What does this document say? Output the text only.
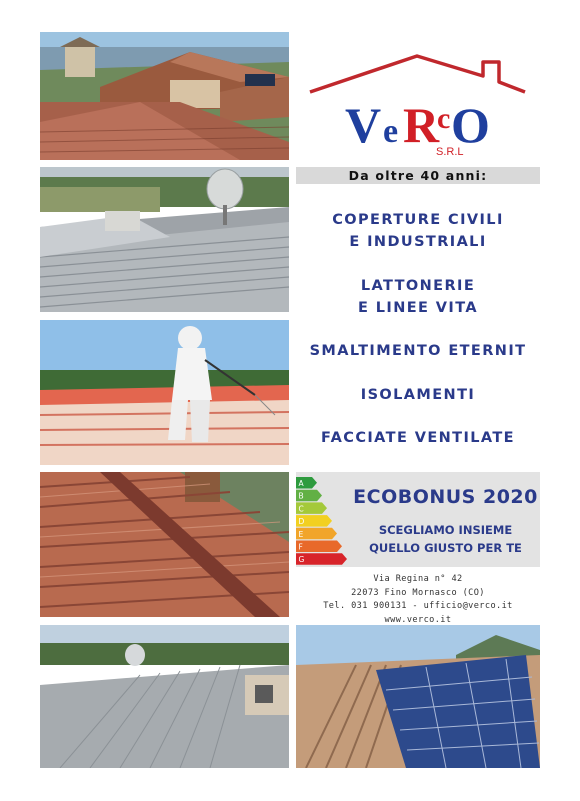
V e R
c O
S.R.L
Da oltre 40 anni:
COPERTURE CIVILI
E INDUSTRIALI
LATTONERIE
E LINEE VITA
SMALTIMENTO ETERNIT
ISOLAMENTI
FACCIATE VENTILATE
A
B
C
D
E
F
G
ECOBONUS 2020
SCEGLIAMO INSIEME
QUELLO GIUSTO PER TE
Via Regina n° 42
22073 Fino Mornasco (CO)
Tel. 031 900131 - ufficio@verco.it
www.verco.it
